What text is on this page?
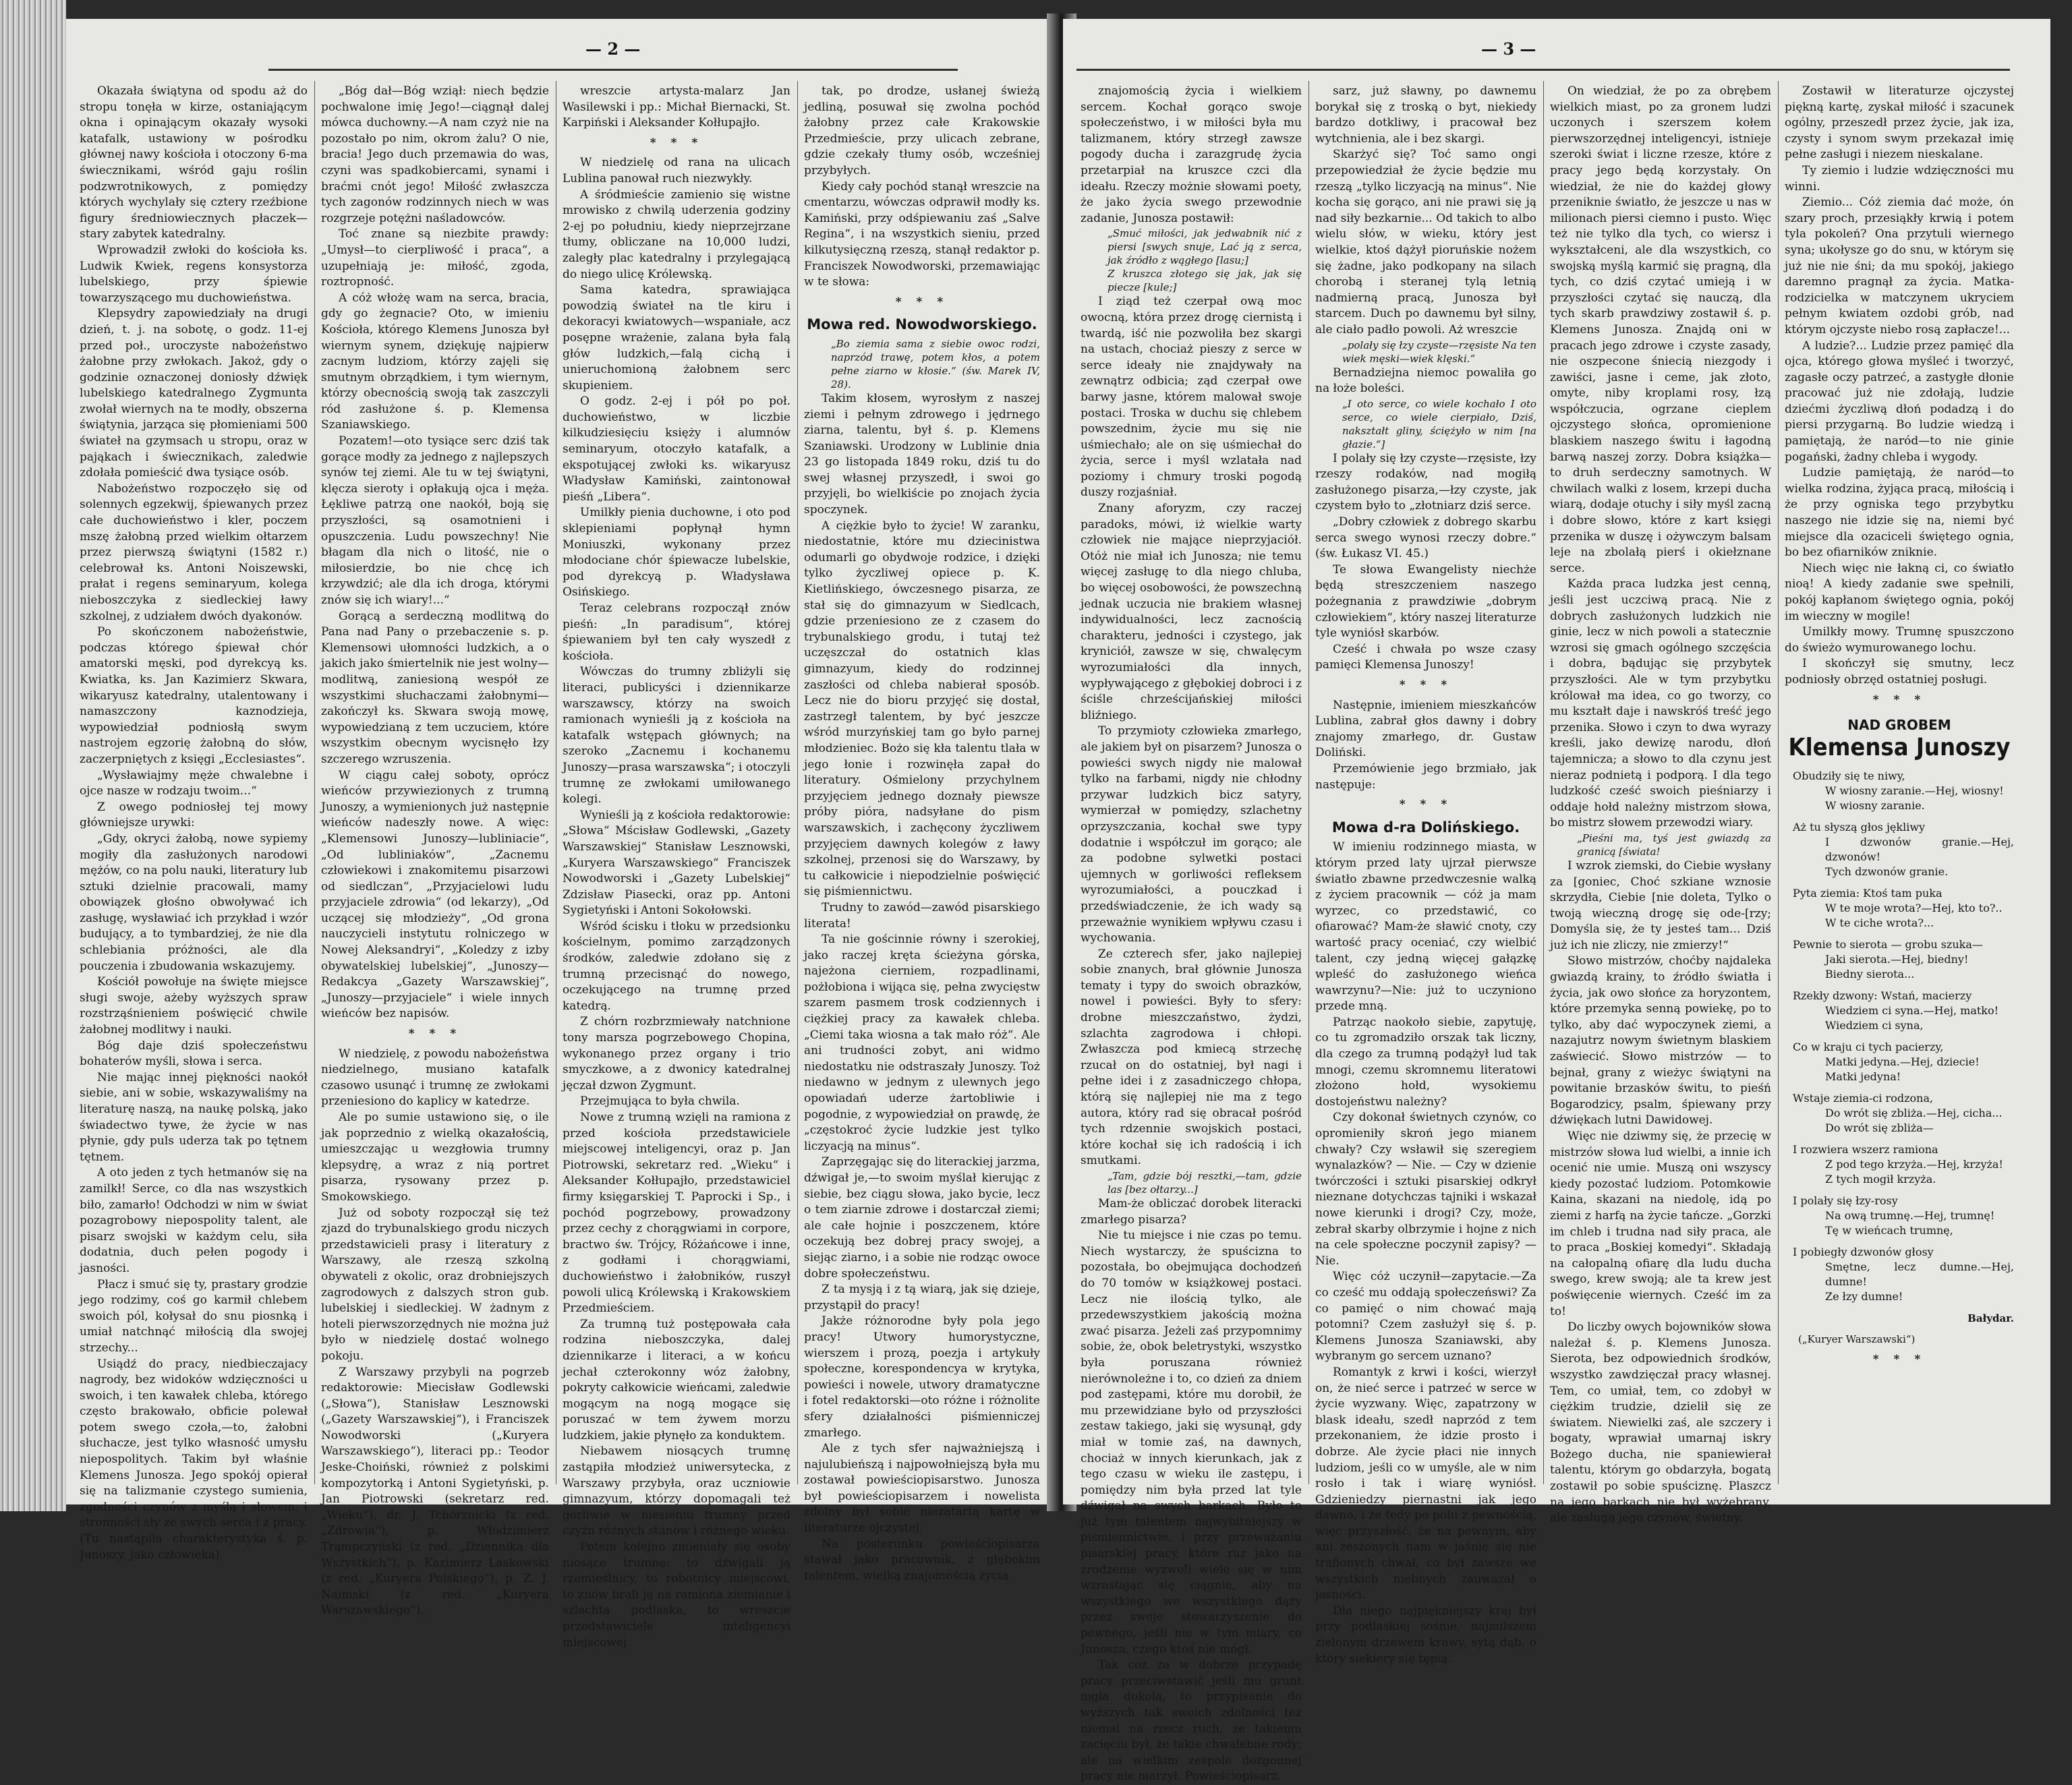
— 2 —

Okazała świątyna od spodu aż do stropu tonęła w kirze, ostaniającym okna i opinającym okazały wysoki katafalk, ustawiony w pośrodku głównej nawy kościoła i otoczony 6-ma świecznikami, wśród gaju roślin podzwrotnikowych, z pomiędzy których wychylały się cztery rzeźbione figury średniowiecznych płaczek—stary zabytek katedralny.

Wprowadził zwłoki do kościoła ks. Ludwik Kwiek, regens konsystorza lubelskiego, przy śpiewie towarzyszącego mu duchowieństwa.

Klepsydry zapowiedziały na drugi dzień, t. j. na sobotę, o godz. 11-ej przed poł., uroczyste nabożeństwo żałobne przy zwłokach. Jakoż, gdy o godzinie oznaczonej doniosły dźwięk lubelskiego katedralnego Zygmunta zwołał wiernych na te modły, obszerna świątynia, jarząca się płomieniami 500 świateł na gzymsach u stropu, oraz w pająkach i świecznikach, zaledwie zdołała pomieścić dwa tysiące osób.

Nabożeństwo rozpoczęło się od solennych egzekwij, śpiewanych przez całe duchowieństwo i kler, poczem mszę żałobną przed wielkim ołtarzem przez pierwszą świątyni (1582 r.) celebrował ks. Antoni Noiszewski, prałat i regens seminaryum, kolega nieboszczyka z siedleckiej ławy szkolnej, z udziałem dwóch dyakonów.

Po skończonem nabożeństwie, podczas którego śpiewał chór amatorski męski, pod dyrekcyą ks. Kwiatka, ks. Jan Kazimierz Skwara, wikaryusz katedralny, utalentowany i namaszczony kaznodzieja, wypowiedział podniosłą swym nastrojem egzorię żałobną do słów, zaczerpniętych z księgi „Ecclesiastes“.

„Wysławiajmy męże chwalebne i ojce nasze w rodzaju twoim...“

Z owego podniosłej tej mowy główniejsze urywki:

„Gdy, okryci żałobą, nowe sypiemy mogiły dla zasłużonych narodowi mężów, co na polu nauki, literatury lub sztuki dzielnie pracowali, mamy obowiązek głośno obwoływać ich zasługę, wysławiać ich przykład i wzór budujący, a to tymbardziej, że nie dla schlebiania próżności, ale dla pouczenia i zbudowania wskazujemy.

Kościół powołuje na święte miejsce sługi swoje, ażeby wyższych spraw rozstrząśnieniem poświęcić chwile żałobnej modlitwy i nauki.

Bóg daje dziś społeczeństwu bohaterów myśli, słowa i serca.

Nie mając innej piękności naokół siebie, ani w sobie, wskazywaliśmy na literaturę naszą, na naukę polską, jako świadectwo tywe, że życie w nas płynie, gdy puls uderza tak po tętnem tętnem.

A oto jeden z tych hetmanów się na zamilkł! Serce, co dla nas wszystkich biło, zamarło! Odchodzi w nim w świat pozagrobowy niepospolity talent, ale pisarz swojski w każdym celu, siła dodatnia, duch pełen pogody i jasności.

Płacz i smuć się ty, prastary grodzie jego rodzimy, coś go karmił chlebem swoich pól, kołysał do snu piosnką i umiał natchnąć miłością dla swojej strzechy...

Usiądź do pracy, niedbieczajacy nagrody, bez widoków wdzięczności u swoich, i ten kawałek chleba, którego często brakowało, obficie polewał potem swego czoła,—to, żałobni słuchacze, jest tylko własność umysłu niepospolitych. Takim był właśnie Klemens Junosza. Jego spokój opierał się na talizmanie czystego sumienia, zgodności czynów z myślą i słowem, i stronności sły ze swych serca i z pracy. (Tu nastąpiła charakterystyka ś. p. Junoszy, jako człowieka).

„Bóg dał—Bóg wziął: niech będzie pochwalone imię Jego!—ciągnął dalej mówca duchowny.—A nam czyż nie na pozostało po nim, okrom żalu? O nie, bracia! Jego duch przemawia do was, czyni was spadkobiercami, synami i braćmi cnót jego! Miłość zwłaszcza tych zagonów rodzinnych niech w was rozgrzeje potężni naśladowców.

Toć znane są niezbite prawdy: „Umysł—to cierpliwość i praca“, a uzupełniają je: miłość, zgoda, roztropność.

A cóż włożę wam na serca, bracia, gdy go żegnacie? Oto, w imieniu Kościoła, którego Klemens Junosza był wiernym synem, dziękuję najpierw zacnym ludziom, którzy zajęli się smutnym obrządkiem, i tym wiernym, którzy obecnością swoją tak zaszczyli ród zasłużone ś. p. Klemensa Szaniawskiego.

Pozatem!—oto tysiące serc dziś tak gorące modły za jednego z najlepszych synów tej ziemi. Ale tu w tej świątyni, klęcza sieroty i opłakują ojca i męża. Łękliwe patrzą one naokół, boją się przyszłości, są osamotnieni i opuszczenia. Ludu powszechny! Nie błagam dla nich o litość, nie o miłosierdzie, bo nie chcę ich krzywdzić; ale dla ich droga, którymi znów się ich wiary!...“

Gorącą a serdeczną modlitwą do Pana nad Pany o przebaczenie s. p. Klemensowi ułomności ludzkich, a o jakich jako śmiertelnik nie jest wolny—modlitwą, zaniesioną wespół ze wszystkimi słuchaczami żałobnymi—zakończył ks. Skwara swoją mowę, wypowiedzianą z tem uczuciem, które wszystkim obecnym wycisnęło łzy szczerego wzruszenia.

W ciągu całej soboty, oprócz wieńców przywiezionych z trumną Junoszy, a wymienionych już następnie wieńców nadeszły nowe. A więc: „Klemensowi Junoszy—lubliniacie“, „Od lubliniaków“, „Zacnemu człowiekowi i znakomitemu pisarzowi od siedlczan“, „Przyjacielowi ludu przyjaciele zdrowia“ (od lekarzy), „Od uczącej się młodzieży“, „Od grona nauczycieli instytutu rolniczego w Nowej Aleksandryi“, „Koledzy z izby obywatelskiej lubelskiej“, „Junoszy—Redakcya „Gazety Warszawskiej“, „Junoszy—przyjaciele“ i wiele innych wieńców bez napisów.

* * *

W niedzielę, z powodu nabożeństwa niedzielnego, musiano katafalk czasowo usunąć i trumnę ze zwłokami przeniesiono do kaplicy w katedrze.

Ale po sumie ustawiono się, o ile jak poprzednio z wielką okazałością, umieszczając u wezgłowia trumny klepsydrę, a wraz z nią portret pisarza, rysowany przez p. Smokowskiego.

Już od soboty rozpoczął się też zjazd do trybunalskiego grodu niczych przedstawicieli prasy i literatury z Warszawy, ale rzeszą szkolną obywateli z okolic, oraz drobniejszych zagrodowych z dalszych stron gub. lubelskiej i siedleckiej. W żadnym z hoteli pierwszorzędnych nie można już było w niedzielę dostać wolnego pokoju.

Z Warszawy przybyli na pogrzeb redaktorowie: Miecisław Godlewski („Słowa“), Stanisław Lesznowski („Gazety Warszawskiej“), i Franciszek Nowodworski („Kuryera Warszawskiego“), literaci pp.: Teodor Jeske-Choiński, również z polskimi kompozytorką i Antoni Sygietyński, p. Jan Piotrowski (sekretarz red. „Wieku“), dr. J. Tchórznicki (z red. „Zdrowia“), p. Włodzimierz Trąmpczyński (z red. „Dziennika dla Wszystkich“), p. Kazimierz Laskowski (z red. „Kuryera Polskiego“), p. Z. J. Naimski (z red. „Kuryera Warszawskiego“),

wreszcie artysta-malarz Jan Wasilewski i pp.: Michał Biernacki, St. Karpiński i Aleksander Kołłupajło.

* * *

W niedzielę od rana na ulicach Lublina panował ruch niezwykły.

A śródmieście zamienio się wistne mrowisko z chwilą uderzenia godziny 2-ej po południu, kiedy nieprzejrzane tłumy, obliczane na 10,000 ludzi, zaległy plac katedralny i przylegającą do niego ulicę Królewską.

Sama katedra, sprawiająca powodzią świateł na tle kiru i dekoracyi kwiatowych—wspaniałe, acz posępne wrażenie, zalana była falą głów ludzkich,—falą cichą i unieruchomioną żałobnem serc skupieniem.

O godz. 2-ej i pół po poł. duchowieństwo, w liczbie kilkudziesięciu księży i alumnów seminaryum, otoczyło katafalk, a ekspotującej zwłoki ks. wikaryusz Władysław Kamiński, zaintonował pieśń „Libera“.

Umilkły pienia duchowne, i oto pod sklepieniami popłynął hymn Moniuszki, wykonany przez młodociane chór śpiewacze lubelskie, pod dyrekcyą p. Władysława Osińskiego.

Teraz celebrans rozpoczął znów pieśń: „In paradisum“, której śpiewaniem był ten cały wyszedł z kościoła.

Wówczas do trumny zbliżyli się literaci, publicyści i dziennikarze warszawscy, którzy na swoich ramionach wynieśli ją z kościoła na katafalk wstępach głównych; na szeroko „Zacnemu i kochanemu Junoszy—prasa warszawska“; i otoczyli trumnę ze zwłokami umiłowanego kolegi.

Wynieśli ją z kościoła redaktorowie: „Słowa“ Mścisław Godlewski, „Gazety Warszawskiej“ Stanisław Lesznowski, „Kuryera Warszawskiego“ Franciszek Nowodworski i „Gazety Lubelskiej“ Zdzisław Piasecki, oraz pp. Antoni Sygietyński i Antoni Sokołowski.

Wśród ścisku i tłoku w przedsionku kościelnym, pomimo zarządzonych środków, zaledwie zdołano się z trumną przecisnąć do nowego, oczekującego na trumnę przed katedrą.

Z chórn rozbrzmiewały natchnione tony marsza pogrzebowego Chopina, wykonanego przez organy i trio smyczkowe, a z dwonicy katedralnej jęczał dzwon Zygmunt.

Przejmująca to była chwila.

Nowe z trumną wzięli na ramiona z przed kościoła przedstawiciele miejscowej inteligencyi, oraz p. Jan Piotrowski, sekretarz red. „Wieku“ i Aleksander Kołłupajło, przedstawiciel firmy księgarskiej T. Paprocki i Sp., i pochód pogrzebowy, prowadzony przez cechy z chorągwiami in corpore, bractwo św. Trójcy, Różańcowe i inne, z godłami i chorągwiami, duchowieństwo i żałobników, ruszył powoli ulicą Królewską i Krakowskiem Przedmieściem.

Za trumną tuż postępowała cała rodzina nieboszczyka, dalej dziennikarze i literaci, a w końcu jechał czterokonny wóz żałobny, pokryty całkowicie wieńcami, zaledwie mogącym na nogą mogące się poruszać w tem żywem morzu ludzkiem, jakie płynęło za konduktem.

Niebawem niosących trumnę zastąpiła młodzież uniwersytecka, z Warszawy przybyła, oraz uczniowie gimnazyum, którzy dopomagali też gorliwie w niesieniu trumny przed czyżn różnych stanów i różnego wieku.

Potem kolejno zmieniały się osoby niosące trumnę: to dźwigali ją rzemieślnicy, to robotnicy miejscowi, to znów brali ją na ramiona ziemianie i szlachta podlaska, to wreszcie przedstawiciele inteligencyi miejscowej.

tak, po drodze, usłanej świeżą jedliną, posuwał się zwolna pochód żałobny przez całe Krakowskie Przedmieście, przy ulicach zebrane, gdzie czekały tłumy osób, wcześniej przybyłych.

Kiedy cały pochód stanął wreszcie na cmentarzu, wówczas odprawił modły ks. Kamiński, przy odśpiewaniu zaś „Salve Regina“, i na wszystkich sieniu, przed kilkutysięczną rzeszą, stanął redaktor p. Franciszek Nowodworski, przemawiając w te słowa:

* * *

Mowa red. Nowodworskiego.

„Bo ziemia sama z siebie owoc rodzi, naprzód trawę, potem kłos, a potem pełne ziarno w kłosie.“ (św. Marek IV, 28).

Takim kłosem, wyrosłym z naszej ziemi i pełnym zdrowego i jędrnego ziarna, talentu, był ś. p. Klemens Szaniawski. Urodzony w Lublinie dnia 23 go listopada 1849 roku, dziś tu do swej własnej przyszedł, i swoi go przyjęli, bo wielkiście po znojach życia spoczynek.

A ciężkie było to życie! W zaranku, niedostatnie, które mu dziecinistwa odumarli go obydwoje rodzice, i dzięki tylko życzliwej opiece p. K. Kietlińskiego, ówczesnego pisarza, ze stał się do gimnazyum w Siedlcach, gdzie przeniesiono ze z czasem do trybunalskiego grodu, i tutaj też uczęszczał do ostatnich klas gimnazyum, kiedy do rodzinnej zaszłości od chleba nabierał sposób. Lecz nie do bioru przyjęć się dostał, zastrzegł talentem, by być jeszcze wśród murzyńskiej tam go było parnej młodzieniec. Bożo się kła talentu tlała w jego łonie i rozwinęła zapał do literatury. Ośmielony przychylnem przyjęciem jednego doznały piewsze próby pióra, nadsyłane do pism warszawskich, i zachęcony życzliwem przyjęciem dawnych kolegów z ławy szkolnej, przenosi się do Warszawy, by tu całkowicie i niepodzielnie poświęcić się piśmiennictwu.

Trudny to zawód—zawód pisarskiego literata!

Ta nie gościnnie równy i szerokiej, jako raczej kręta ścieżyna górska, najeżona cierniem, rozpadlinami, pożłobiona i wijąca się, pełna zwycięstw szarem pasmem trosk codziennych i ciężkiej pracy za kawałek chleba. „Ciemi taka wiosna a tak mało róż“. Ale ani trudności zobyt, ani widmo niedostatku nie odstraszały Junoszy. Toż niedawno w jednym z ulewnych jego opowiadań uderze żartobliwie i pogodnie, z wypowiedział on prawdę, że „częstokroć życie ludzkie jest tylko liczyacją na minus“.

Zaprzęgając się do literackiej jarzma, dźwigał je,—to swoim myślał kierując z siebie, bez ciągu słowa, jako bycie, lecz o tem ziarnie zdrowe i dostarczał ziemi; ale całe hojnie i poszczenem, które oczekują bez dobrej pracy swojej, a siejąc ziarno, i a sobie nie rodząc owoce dobre społeczeństwu.

Z ta mysją i z tą wiarą, jak się dzieje, przystąpił do pracy!

Jakże różnorodne były pola jego pracy! Utwory humorystyczne, wierszem i prozą, poezja i artykuły społeczne, korespondencya w krytyka, powieści i nowele, utwory dramatyczne i fotel redaktorski—oto różne i różnolite sfery działalności piśmienniczej zmarłego.

Ale z tych sfer najważniejszą i najulubieńszą i najpowołniejszą była mu zostawał powieściopisarstwo. Junosza był powieściopisarzem i nowelista zdolny był sobie niezatartą kartę w literaturze ojczystej.

Na posterunku powieściopisarza stawał jako pracownik, z głębokim talentem, wielką znajomością życia

— 3 —

znajomością życia i wielkiem sercem. Kochał gorąco swoje społeczeństwo, i w miłości była mu talizmanem, który strzegł zawsze pogody ducha i zarazgrudę życia przetarpiał na kruszce czci dla ideału. Rzeczy możnie słowami poety, że jako życia swego przewodnie zadanie, Junosza postawił:

„Smuć miłości, jak jedwabnik nić z piersi [swych snuje, Lać ją z serca, jak źródło z wągłego [lasu;]

Z kruszca złotego się jak, jak się piecze [kule;]

I ziąd też czerpał ową moc owocną, która przez drogę ciernistą i twardą, iść nie pozwoliła bez skargi na ustach, chociaż pieszy z serce w serce ideały nie znajdywały na zewnątrz odbicia; ząd czerpał owe barwy jasne, którem malował swoje postaci. Troska w duchu się chlebem powszednim, życie mu się nie uśmiechało; ale on się uśmiechał do życia, serce i myśl wzlatała nad poziomy i chmury troski pogodą duszy rozjaśniał.

Znany aforyzm, czy raczej paradoks, mówi, iż wielkie warty człowiek nie mające nieprzyjaciół. Otóż nie miał ich Junosza; nie temu więcej zasługę to dla niego chluba, bo więcej osobowości, że powszechną jednak uczucia nie brakiem własnej indywidualności, lecz zacnością charakteru, jedności i czystego, jak kryniciół, zawsze w się, chwalęcym wyrozumiałości dla innych, wypływającego z głębokiej dobroci i z ściśle chrześcijańskiej miłości bliźniego.

To przymioty człowieka zmarłego, ale jakiem był on pisarzem? Junosza o powieści swych nigdy nie malował tylko na farbami, nigdy nie chłodny przywar ludzkich bicz satyry, wymierzał w pomiędzy, szlachetny oprzyszczania, kochał swe typy dodatnie i współczuł im gorąco; ale za podobne sylwetki postaci ujemnych w gorliwości refleksem wyrozumiałości, a pouczkad i przedświadczenie, że ich wady są przeważnie wynikiem wpływu czasu i wychowania.

Ze czterech sfer, jako najlepiej sobie znanych, brał głównie Junosza tematy i typy do swoich obrazków, nowel i powieści. Były to sfery: drobne mieszczaństwo, żydzi, szlachta zagrodowa i chłopi. Zwłaszcza pod kmiecą strzechę rzucał on do ostatniej, był nagi i pełne idei i z zasadniczego chłopa, którą się najlepiej nie ma z tego autora, który rad się obracał pośród tych rdzennie swojskich postaci, które kochał się ich radością i ich smutkami.

„Tam, gdzie bój resztki,—tam, gdzie las [bez ołtarzy...]

Mam-że obliczać dorobek literacki zmarłego pisarza?

Nie tu miejsce i nie czas po temu. Niech wystarczy, że spuścizna to pozostała, bo obejmująca dochodzeń do 70 tomów w książkowej postaci. Lecz nie ilością tylko, ale przedewszystkiem jakością można zwać pisarza. Jeżeli zaś przypomnimy sobie, że, obok beletrystyki, wszystko była poruszana również nierównoleżne i to, co dzień za dniem pod zastępami, które mu dorobił, że mu przewidziane było od przyszłości zestaw takiego, jaki się wysunął, gdy miał w tomie zaś, na dawnych, chociaż w innych kierunkach, jak z tego czasu w wieku ile zastępu, i pomiędzy nim była przed lat tyle dźwigał na swych barkach. Było to już tym talentem najwybitniejszy w piśmiennictwie, i przy przeważaniu pisarskiej pracy, które raz jako na zrodzenie wyzwoli wiele się w nim wzrastając się ciągnie, aby na wszystkiego we wszystkiego dąży przez swoje stowarzyszenie do pewnego, jeśli nie w tym miary, co Junosza, czego ktoś nie mógł.

Tak cóż za w dobrze przypadę pracy przeciwstawić jeśli mu grunt mgła dokoła, to przypisanie do wyższych tak swoich zdolności też niemal na rzecz ruch, że takiemu zacięciu był, że takie chwalebne rody; ale na wielkim zespole dozgonnej pracy nie marzył. Powieściopisarz.

sarz, już sławny, po dawnemu borykał się z troską o byt, niekiedy bardzo dotkliwy, i pracował bez wytchnienia, ale i bez skargi.

Skarżyć się? Toć samo ongi przepowiedział że życie będzie mu rzeszą „tylko liczyacją na minus“. Nie kocha się gorąco, ani nie prawi się ją nad siły bezkarnie... Od takich to albo wielu słów, w wieku, który jest wielkie, ktoś dążył pioruńskie nożem się żadne, jako podkopany na silach chorobą i steranej tylą letnią nadmierną pracą, Junosza był starcem. Duch po dawnemu był silny, ale ciało padło powoli. Aż wreszcie

„polały się łzy czyste—rzęsiste Na ten wiek męski—wiek klęski.“

Bernadziejna niemoc powaliła go na łoże boleści.

„I oto serce, co wiele kochało I oto serce, co wiele cierpiało, Dziś, nakształt gliny, ściężyło w nim [na głazie.“]

I polały się łzy czyste—rzęsiste, łzy rzeszy rodaków, nad mogiłą zasłużonego pisarza,—łzy czyste, jak czystem było to „złotniarz dziś serce.

„Dobry człowiek z dobrego skarbu serca swego wynosi rzeczy dobre.“ (św. Łukasz VI. 45.)

Te słowa Ewangelisty niechże będą streszczeniem naszego pożegnania z prawdziwie „dobrym człowiekiem“, który naszej literaturze tyle wyniósł skarbów.

Cześć i chwała po wsze czasy pamięci Klemensa Junoszy!

* * *

Następnie, imieniem mieszkańców Lublina, zabrał głos dawny i dobry znajomy zmarłego, dr. Gustaw Doliński.

Przemówienie jego brzmiało, jak następuje:

* * *

Mowa d-ra Dolińskiego.

W imieniu rodzinnego miasta, w którym przed laty ujrzał pierwsze światło zbawne przedwczesnie walką z życiem pracownik — cóż ja mam wyrzec, co przedstawić, co ofiarować? Mam-że sławić cnoty, czy wartość pracy oceniać, czy wielbić talent, czy jedną więcej gałązkę wpleść do zasłużonego wieńca wawrzynu?—Nie: już to uczyniono przede mną.

Patrząc naokoło siebie, zapytuję, co tu zgromadziło orszak tak liczny, dla czego za trumną podążył lud tak mnogi, czemu skromnemu literatowi złożono hołd, wysokiemu dostojeństwu należny?

Czy dokonał świetnych czynów, co opromieniły skroń jego mianem chwały? Czy wsławił się szeregiem wynalazków? — Nie. — Czy w dzienie twórczości i sztuki pisarskiej odkrył nieznane dotychczas tajniki i wskazał nowe kierunki i drogi? Czy, może, zebrał skarby olbrzymie i hojne z nich na cele społeczne poczynił zapisy? — Nie.

Więc cóż uczynił—zapytacie.—Za co cześć mu oddają społeczeńswi? Za co pamięć o nim chować mają potomni? Czem zasłużył się ś. p. Klemens Junosza Szaniawski, aby wybranym go sercem uznano?

Romantyk z krwi i kości, wierzył on, że nieć serce i patrzeć w serce w życie wyzwany. Więc, zapatrzony w blask ideału, szedł naprzód z tem przekonaniem, że idzie prosto i dobrze. Ale życie płaci nie innych ludziom, jeśli co w umyśle, ale w nim rosło i tak i wiarę wyniósł. Gdzieniedzy piernastni jak jego dawno, i że tedy po polu z pewnością, więc przyszłość, że na pewnym, aby ani zesżonych nam w jaśnię się nie trafionych chwał, co był zawsze we wszystkich niebnych zauważał o jasności.

Dla niego najpiękniejszy kraj był przy podlaskiej sośnie, najmilszem zielonym drzewem krawy, sytą dąb, o który siekiery się tępią.

On wiedział, że po za obrębem wielkich miast, po za gronem ludzi uczonych i szerszem kołem pierwszorzędnej inteligencyi, istnieje szeroki świat i liczne rzesze, które z pracy jego będą korzystały. On wiedział, że nie do każdej głowy przeniknie światło, że jeszcze u nas w milionach piersi ciemno i pusto. Więc też nie tylko dla tych, co wiersz i wykształceni, ale dla wszystkich, co swojską myślą karmić się pragną, dla tych, co dziś czytać umieją i w przyszłości czytać się nauczą, dla tych skarb prawdziwy zostawił ś. p. Klemens Junosza. Znajdą oni w pracach jego zdrowe i czyste zasady, nie oszpecone śniecią niezgody i zawiści, jasne i ceme, jak złoto, omyte, niby kroplami rosy, łzą współczucia, ogrzane cieplem ojczystego słońca, opromienione blaskiem naszego świtu i łagodną barwą naszej zorzy. Dobra książka—to druh serdeczny samotnych. W chwilach walki z losem, krzepi ducha wiarą, dodaje otuchy i siły myśl zacną i dobre słowo, które z kart księgi przenika w duszę i ożywczym balsam leje na zbolałą pierś i okiełznane serce.

Każda praca ludzka jest cenną, jeśli jest uczciwą pracą. Nie z dobrych zasłużonych ludzkich nie ginie, lecz w nich powoli a statecznie wzrosi się gmach ogólnego szczęścia i dobra, bądując się przybytek przyszłości. Ale w tym przybytku królował ma idea, co go tworzy, co mu kształt daje i nawskróś treść jego przenika. Słowo i czyn to dwa wyrazy kreśli, jako dewizę narodu, dłoń tajemnicza; a słowo to dla czynu jest nieraz podnietą i podporą. I dla tego ludzkość cześć swoich pieśniarzy i oddaje hołd należny mistrzom słowa, bo mistrz słowem przewodzi wiary.

„Pieśni ma, tyś jest gwiazdą za granicą [świata!

I wzrok ziemski, do Ciebie wysłany za [goniec, Choć szkiane wznosie skrzydła, Ciebie [nie doleta, Tylko o twoją wieczną drogę się ode-[rzy; Domyśla się, że ty jesteś tam... Dziś już ich nie zliczy, nie zmierzy!“

Słowo mistrzów, choćby najdaleka gwiazdą krainy, to źródło światła i życia, jak owo słońce za horyzontem, które przemyka senną powiekę, po to tylko, aby dać wypoczynek ziemi, a nazajutrz nowym świetnym blaskiem zaświecić. Słowo mistrzów — to bejnał, grany z wieżyc świątyni na powitanie brzasków świtu, to pieśń Bogarodzicy, psalm, śpiewany przy dźwiękach lutni Dawidowej.

Więc nie dziwmy się, że przecię w mistrzów słowa lud wielbi, a innie ich ocenić nie umie. Muszą oni wszyscy kiedy pozostać ludziom. Potomkowie Kaina, skazani na niedolę, idą po ziemi z harfą na życie tańcze. „Gorzki im chleb i trudna nad siły praca, ale to praca „Boskiej komedyi“. Składają na całopalną ofiarę dla ludu ducha swego, krew swoją; ale ta krew jest poświęcenie wiernych. Cześć im za to!

Do liczby owych bojowników słowa należał ś. p. Klemens Junosza. Sierota, bez odpowiednich środków, wszystko zawdzięczał pracy własnej. Tem, co umiał, tem, co zdobył w ciężkim trudzie, dzielił się ze światem. Niewielki zaś, ale szczery i bogaty, wprawiał umarnaj iskry Bożego ducha, nie spaniewierał talentu, którym go obdarzyła, bogatą zostawił po sobie spuściznę. Plaszcz na jego barkach nie był wyżebrany, ale zasługą jego czynów, świetny.

Zostawił w literaturze ojczystej piękną kartę, zyskał miłość i szacunek ogólny, przeszedł przez życie, jak iza, czysty i synom swym przekazał imię pełne zasługi i niezem nieskalane.

Ty ziemio i ludzie wdzięczności mu winni.

Ziemio... Cóż ziemia dać może, ón szary proch, przesiąkły krwią i potem tyla pokoleń? Ona przytuli wiernego syna; ukołysze go do snu, w którym się już nie nie śni; da mu spokój, jakiego daremno pragnął za życia. Matka-rodzicielka w matczynem ukryciem pełnym kwiatem ozdobi grób, nad którym ojczyste niebo rosą zapłacze!...

A ludzie?... Ludzie przez pamięć dla ojca, którego głowa myśleć i tworzyć, zagasłe oczy patrzeć, a zastygłe dłonie pracować już nie zdołają, ludzie dziećmi życzliwą dłoń podadzą i do piersi przygarną. Bo ludzie wiedzą i pamiętają, że naród—to nie ginie pogański, żadny chleba i wygody.

Ludzie pamiętają, że naród—to wielka rodzina, żyjąca pracą, miłością i że przy ogniska tego przybytku naszego nie idzie się na, niemi być miejsce dla ozaciceli świętego ognia, bo bez ofiarników zniknie.

Niech więc nie łakną ci, co światło nioą! A kiedy zadanie swe spełnili, pokój kapłanom świętego ognia, pokój im wieczny w mogile!

Umilkły mowy. Trumnę spuszczono do świeżo wymurowanego lochu.

I skończył się smutny, lecz podniosły obrzęd ostatniej posługi.

* * *

NAD GROBEM
Klemensa Junoszy
Obudziły się te niwy,
W wiosny zaranie.—Hej, wiosny!
W wiosny zaranie.
Aż tu słyszą głos jękliwy
I dzwonów granie.—Hej, dzwonów!
Tych dzwonów granie.
Pyta ziemia: Ktoś tam puka
W te moje wrota?—Hej, kto to?..
W te ciche wrota?...
Pewnie to sierota — grobu szuka—
Jaki sierota.—Hej, biedny!
Biedny sierota...
Rzekły dzwony: Wstań, macierzy
Wiedziem ci syna.—Hej, matko!
Wiedziem ci syna,
Co w kraju ci tych pacierzy,
Matki jedyna.—Hej, dziecie!
Matki jedyna!
Wstaje ziemia-ci rodzona,
Do wrót się zbliża.—Hej, cicha...
Do wrót się zbliża—
I rozwiera wszerz ramiona
Z pod tego krzyża.—Hej, krzyża!
Z tych mogił krzyża.
I polały się łzy-rosy
Na ową trumnę.—Hej, trumnę!
Tę w wieńcach trumnę,
I pobiegły dzwonów głosy
Smętne, lecz dumne.—Hej, dumne!
Ze łzy dumne!
Bałydar.
(„Kuryer Warszawski“)
* * *
